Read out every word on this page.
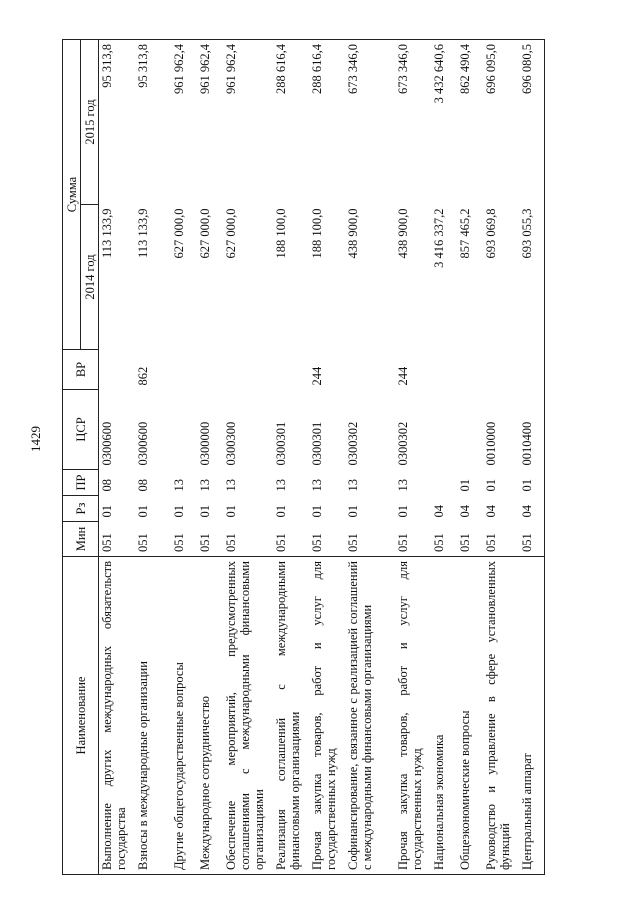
1429
Наименование	Мин	Рз	ПР	ЦСР	ВР	Сумма	
						2014 год	2015 год
Выполнение других международных обязательств государства	051	01	08	0300600		113 133,9	95 313,8
Взносы в международные организации	051	01	08	0300600	862	113 133,9	95 313,8
Другие общегосударственные вопросы	051	01	13			627 000,0	961 962,4
Международное сотрудничество	051	01	13	0300000		627 000,0	961 962,4
Обеспечение мероприятий, предусмотренных соглашениями с международными финансовыми организациями	051	01	13	0300300		627 000,0	961 962,4
Реализация соглашений с международными финансовыми организациями	051	01	13	0300301		188 100,0	288 616,4
Прочая закупка товаров, работ и услуг для государственных нужд	051	01	13	0300301	244	188 100,0	288 616,4
Софинансирование, связанное с реализацией соглашений с международными финансовыми организациями	051	01	13	0300302		438 900,0	673 346,0
Прочая закупка товаров, работ и услуг для государственных нужд	051	01	13	0300302	244	438 900,0	673 346,0
Национальная экономика	051	04				3 416 337,2	3 432 640,6
Общеэкономические вопросы	051	04	01			857 465,2	862 490,4
Руководство и управление в сфере установленных функций	051	04	01	0010000		693 069,8	696 095,0
Центральный аппарат	051	04	01	0010400		693 055,3	696 080,5
